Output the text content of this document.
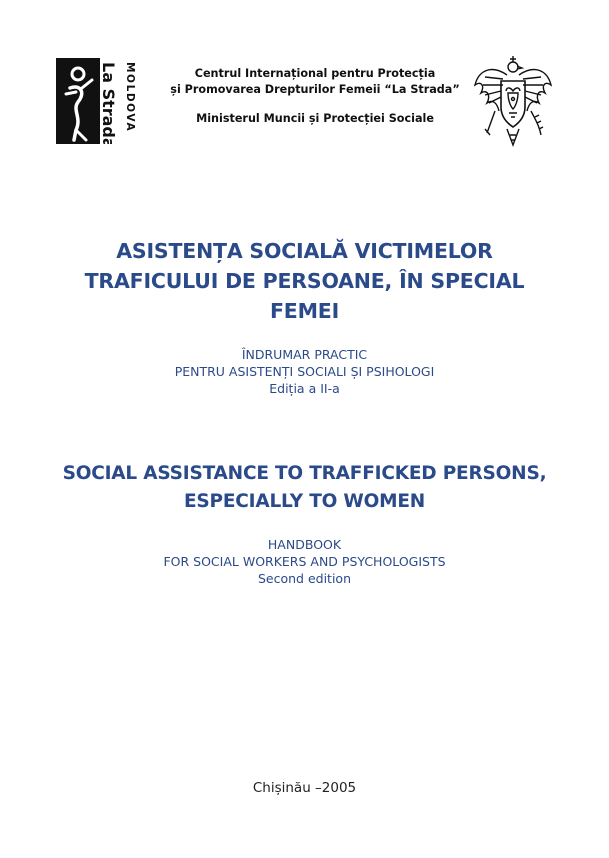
La Strada MOLDOVA	Centrul Internațional pentru Protecția
și Promovarea Drepturilor Femeii “La Strada”
Ministerul Muncii și Protecției Sociale
ASISTENȚA SOCIALĂ VICTIMELOR
TRAFICULUI DE PERSOANE, ÎN SPECIAL
FEMEI
ÎNDRUMAR PRACTIC
PENTRU ASISTENȚI SOCIALI ȘI PSIHOLOGI
Ediția a II-a
SOCIAL ASSISTANCE TO TRAFFICKED PERSONS,
ESPECIALLY TO WOMEN
HANDBOOK
FOR SOCIAL WORKERS AND PSYCHOLOGISTS
Second edition
Chișinău –2005
